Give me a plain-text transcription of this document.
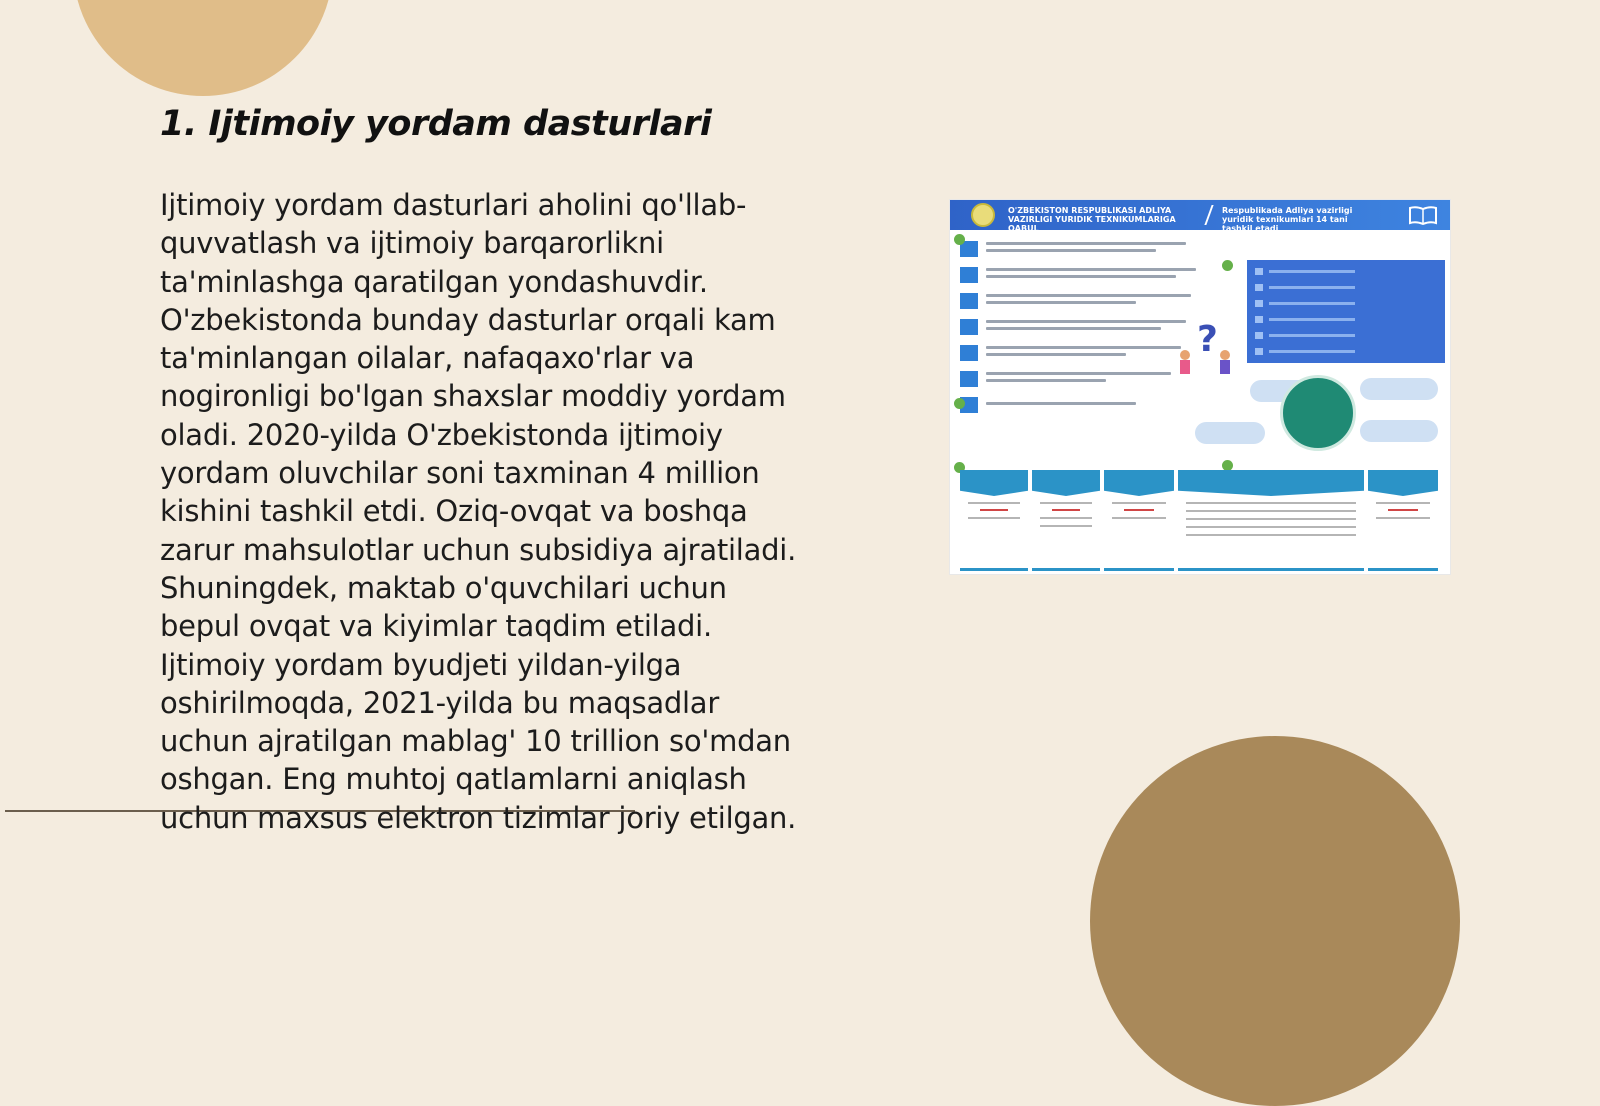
1. Ijtimoiy yordam dasturlari
Ijtimoiy yordam dasturlari aholini qo'llab-
quvvatlash va ijtimoiy barqarorlikni
ta'minlashga qaratilgan yondashuvdir.
O'zbekistonda bunday dasturlar orqali kam
ta'minlangan oilalar, nafaqaxo'rlar va
nogironligi bo'lgan shaxslar moddiy yordam
oladi. 2020-yilda O'zbekistonda ijtimoiy
yordam oluvchilar soni taxminan 4 million
kishini tashkil etdi. Oziq-ovqat va boshqa
zarur mahsulotlar uchun subsidiya ajratiladi.
Shuningdek, maktab o'quvchilari uchun
bepul ovqat va kiyimlar taqdim etiladi.
Ijtimoiy yordam byudjeti yildan-yilga
oshirilmoqda, 2021-yilda bu maqsadlar
uchun ajratilgan mablag' 10 trillion so'mdan
oshgan. Eng muhtoj qatlamlarni aniqlash
uchun maxsus elektron tizimlar joriy etilgan.
O'ZBEKISTON RESPUBLIKASI ADLIYA VAZIRLIGI YURIDIK TEXNIKUMLARIGA QABUL
Respublikada Adliya vazirligi yuridik texnikumlari 14 tani tashkil etadi
?
